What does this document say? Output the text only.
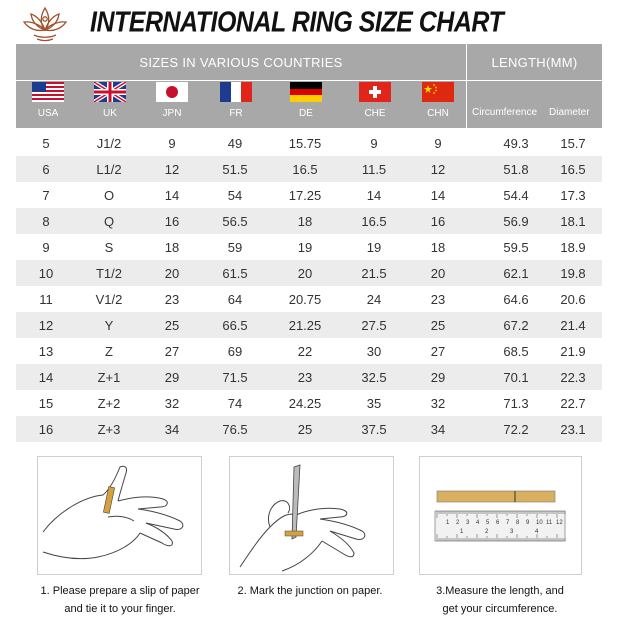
INTERNATIONAL RING SIZE CHART
SIZES IN VARIOUS COUNTRIES
USA	UK	JPN	FR	DE	CHE	CHN
LENGTH(MM)
Circumference Diameter
5	J1/2	9	49	15.75	9	9	49.3	15.7
6	L1/2	12	51.5	16.5	11.5	12	51.8	16.5
7	O	14	54	17.25	14	14	54.4	17.3
8	Q	16	56.5	18	16.5	16	56.9	18.1
9	S	18	59	19	19	18	59.5	18.9
10	T1/2	20	61.5	20	21.5	20	62.1	19.8
11	V1/2	23	64	20.75	24	23	64.6	20.6
12	Y	25	66.5	21.25	27.5	25	67.2	21.4
13	Z	27	69	22	30	27	68.5	21.9
14	Z+1	29	71.5	23	32.5	29	70.1	22.3
15	Z+2	32	74	24.25	35	32	71.3	22.7
16	Z+3	34	76.5	25	37.5	34	72.2	23.1
1 2 3 4 5 6 7 8 9 10 11 12
1	2	3	4
1. Please prepare a slip of paper
and tie it to your finger.
2. Mark the junction on paper.	3.Measure the length, and
get your circumference.
